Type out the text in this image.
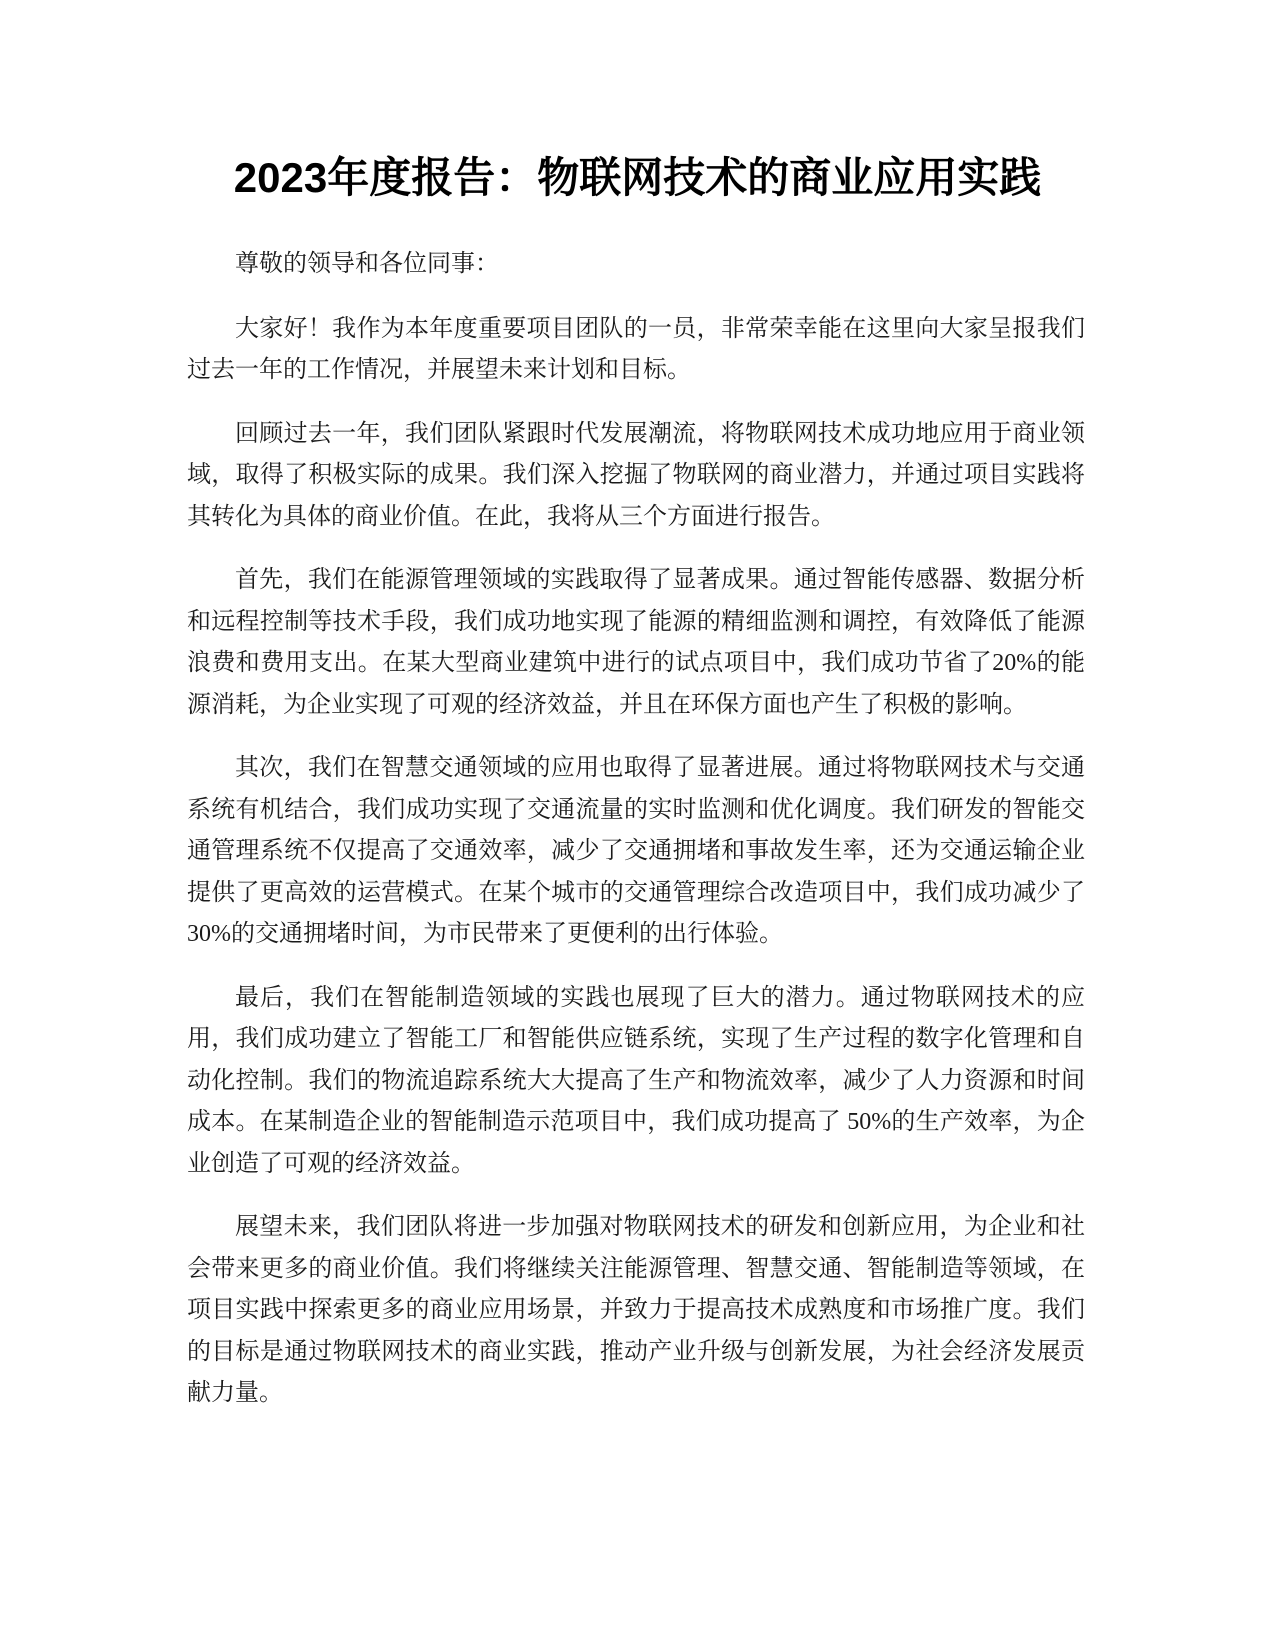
2023年度报告：物联网技术的商业应用实践

尊敬的领导和各位同事：

大家好！我作为本年度重要项目团队的一员，非常荣幸能在这里向大家呈报我们过去一年的工作情况，并展望未来计划和目标。

回顾过去一年，我们团队紧跟时代发展潮流，将物联网技术成功地应用于商业领域，取得了积极实际的成果。我们深入挖掘了物联网的商业潜力，并通过项目实践将其转化为具体的商业价值。在此，我将从三个方面进行报告。

首先，我们在能源管理领域的实践取得了显著成果。通过智能传感器、数据分析和远程控制等技术手段，我们成功地实现了能源的精细监测和调控，有效降低了能源浪费和费用支出。在某大型商业建筑中进行的试点项目中，我们成功节省了20%的能源消耗，为企业实现了可观的经济效益，并且在环保方面也产生了积极的影响。

其次，我们在智慧交通领域的应用也取得了显著进展。通过将物联网技术与交通系统有机结合，我们成功实现了交通流量的实时监测和优化调度。我们研发的智能交通管理系统不仅提高了交通效率，减少了交通拥堵和事故发生率，还为交通运输企业提供了更高效的运营模式。在某个城市的交通管理综合改造项目中，我们成功减少了 30%的交通拥堵时间，为市民带来了更便利的出行体验。

最后，我们在智能制造领域的实践也展现了巨大的潜力。通过物联网技术的应用，我们成功建立了智能工厂和智能供应链系统，实现了生产过程的数字化管理和自动化控制。我们的物流追踪系统大大提高了生产和物流效率，减少了人力资源和时间成本。在某制造企业的智能制造示范项目中，我们成功提高了 50%的生产效率，为企业创造了可观的经济效益。

展望未来，我们团队将进一步加强对物联网技术的研发和创新应用，为企业和社会带来更多的商业价值。我们将继续关注能源管理、智慧交通、智能制造等领域，在项目实践中探索更多的商业应用场景，并致力于提高技术成熟度和市场推广度。我们的目标是通过物联网技术的商业实践，推动产业升级与创新发展，为社会经济发展贡献力量。
